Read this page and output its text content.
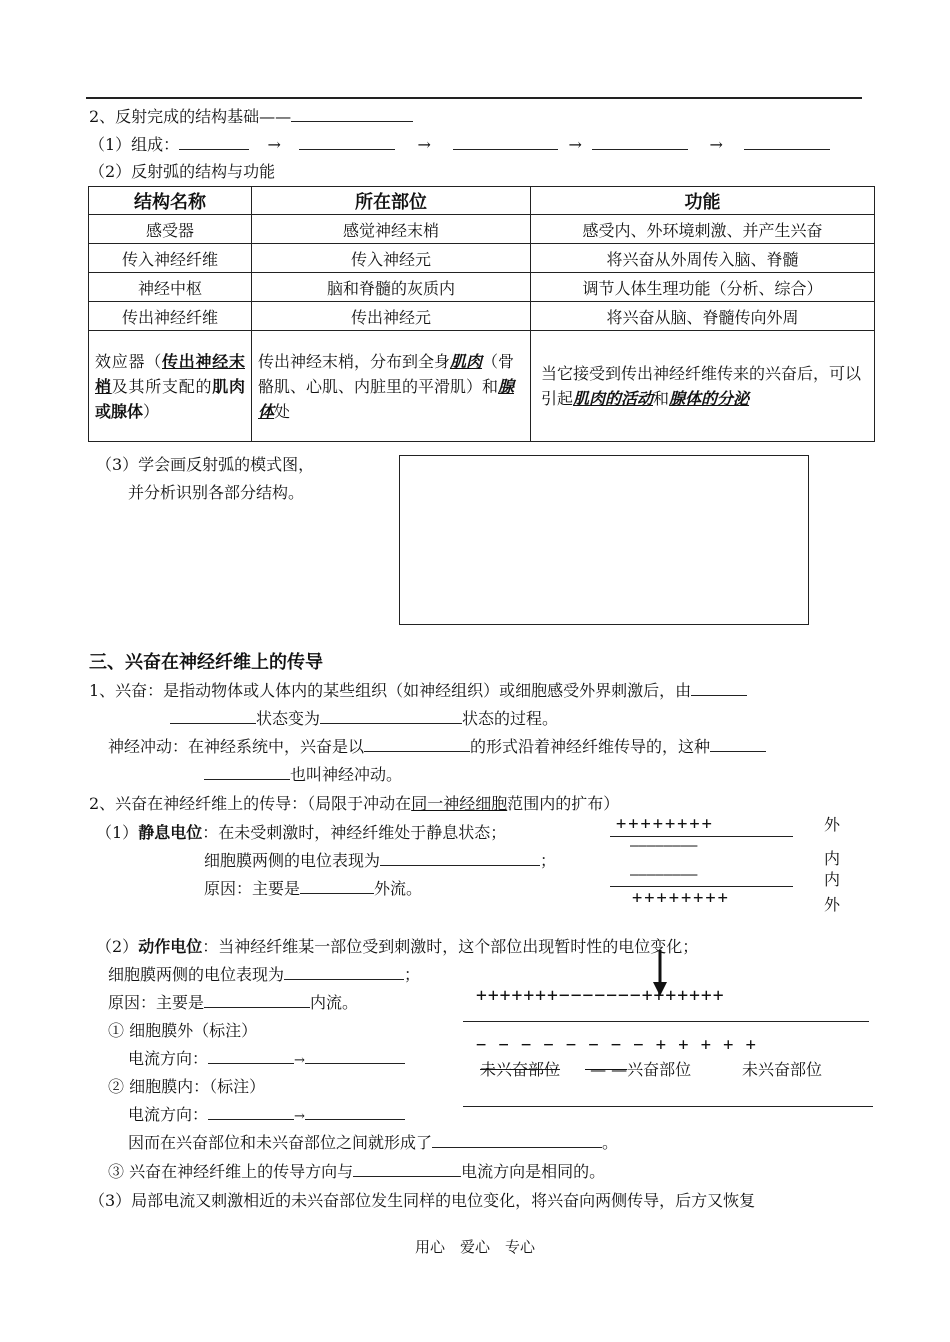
2、反射完成的结构基础——
（1）组成：	→	→	→	→
（2）反射弧的结构与功能
结构名称	所在部位	功能
感受器	感觉神经末梢	感受内、外环境刺激、并产生兴奋
传入神经纤维	传入神经元	将兴奋从外周传入脑、脊髓
神经中枢	脑和脊髓的灰质内	调节人体生理功能（分析、综合）
传出神经纤维	传出神经元	将兴奋从脑、脊髓传向外周
效应器（传出神经末梢及其所支配的肌肉或腺体）	传出神经末梢，分布到全身肌肉（骨骼肌、心肌、内脏里的平滑肌）和腺体处	当它接受到传出神经纤维传来的兴奋后，可以引起肌肉的活动和腺体的分泌
（3）学会画反射弧的模式图，
并分析识别各部分结构。
三、兴奋在神经纤维上的传导
1、兴奋：是指动物体或人体内的某些组织（如神经组织）或细胞感受外界刺激后，由
状态变为	状态的过程。
神经冲动：在神经系统中，兴奋是以	的形式沿着神经纤维传导的，这种
也叫神经冲动。
2、兴奋在神经纤维上的传导：（局限于冲动在同一神经细胞范围内的扩布）
（1）静息电位：在未受刺激时，神经纤维处于静息状态；
细胞膜两侧的电位表现为	；
原因：主要是	外流。
++++++++
————————
————————
++++++++
外
内
内
外
（2）动作电位：当神经纤维某一部位受到刺激时，这个部位出现暂时性的电位变化；
细胞膜两侧的电位表现为	；
原因：主要是	内流。
① 细胞膜外（标注）
电流方向：	→
② 细胞膜内：（标注）
电流方向：	→
因而在兴奋部位和未兴奋部位之间就形成了	。
③ 兴奋在神经纤维上的传导方向与	电流方向是相同的。
（3）局部电流又刺激相近的未兴奋部位发生同样的电位变化，将兴奋向两侧传导，后方又恢复
+++++++−−−−−−−+++++++
− − − − − − − − + + + + +
未兴奋部位 — —兴奋部位	未兴奋部位
用心　爱心　专心
